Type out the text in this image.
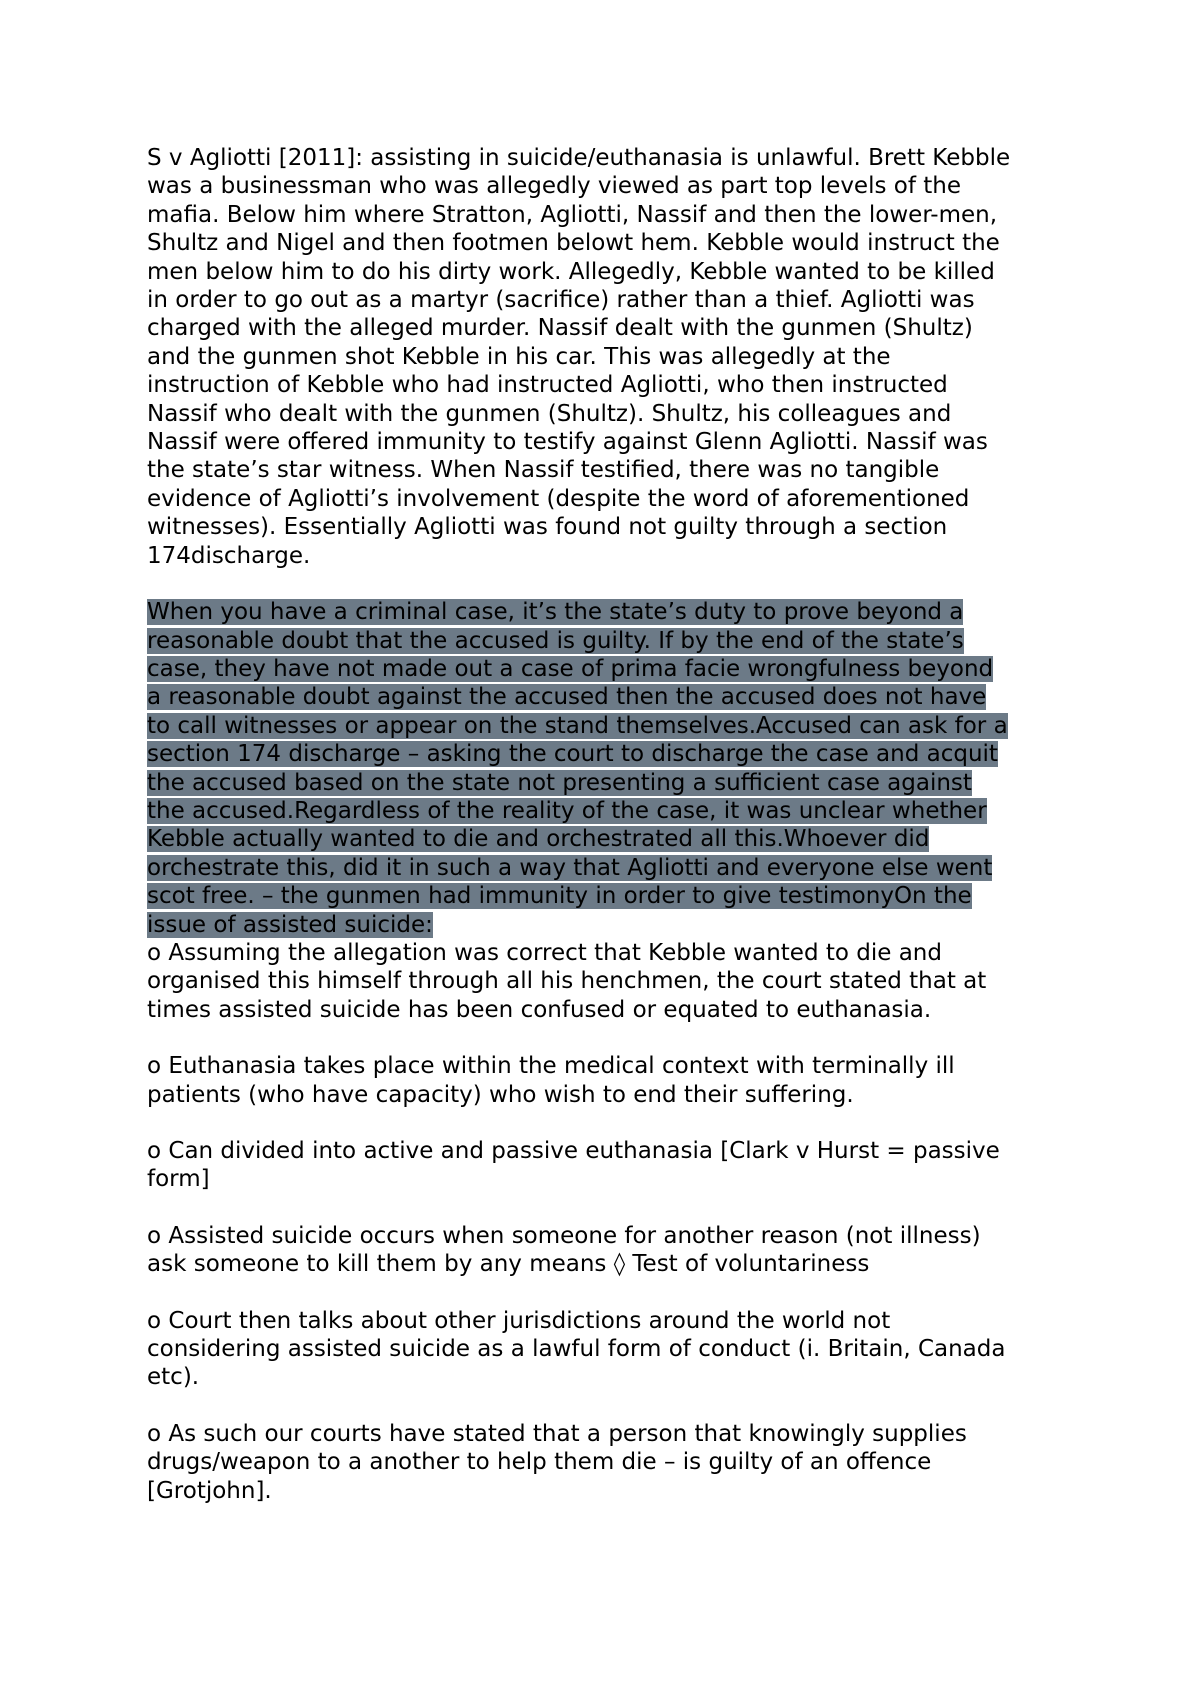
S v Agliotti [2011]: assisting in suicide/euthanasia is unlawful. Brett Kebble
was a businessman who was allegedly viewed as part top levels of the
mafia. Below him where Stratton, Agliotti, Nassif and then the lower-men,
Shultz and Nigel and then footmen belowt hem. Kebble would instruct the
men below him to do his dirty work. Allegedly, Kebble wanted to be killed
in order to go out as a martyr (sacrifice) rather than a thief. Agliotti was
charged with the alleged murder. Nassif dealt with the gunmen (Shultz)
and the gunmen shot Kebble in his car. This was allegedly at the
instruction of Kebble who had instructed Agliotti, who then instructed
Nassif who dealt with the gunmen (Shultz). Shultz, his colleagues and
Nassif were offered immunity to testify against Glenn Agliotti. Nassif was
the state’s star witness. When Nassif testified, there was no tangible
evidence of Agliotti’s involvement (despite the word of aforementioned
witnesses). Essentially Agliotti was found not guilty through a section
174discharge.

When you have a criminal case, it’s the state’s duty to prove beyond a
reasonable doubt that the accused is guilty. If by the end of the state’s
case, they have not made out a case of prima facie wrongfulness beyond
a reasonable doubt against the accused then the accused does not have
to call witnesses or appear on the stand themselves.Accused can ask for a
section 174 discharge – asking the court to discharge the case and acquit
the accused based on the state not presenting a sufficient case against
the accused.Regardless of the reality of the case, it was unclear whether
Kebble actually wanted to die and orchestrated all this.Whoever did
orchestrate this, did it in such a way that Agliotti and everyone else went
scot free. – the gunmen had immunity in order to give testimonyOn the
issue of assisted suicide:

o Assuming the allegation was correct that Kebble wanted to die and
organised this himself through all his henchmen, the court stated that at
times assisted suicide has been confused or equated to euthanasia.

o Euthanasia takes place within the medical context with terminally ill
patients (who have capacity) who wish to end their suffering.

o Can divided into active and passive euthanasia [Clark v Hurst = passive
form]

o Assisted suicide occurs when someone for another reason (not illness)
ask someone to kill them by any means ◊ Test of voluntariness

o Court then talks about other jurisdictions around the world not
considering assisted suicide as a lawful form of conduct (i. Britain, Canada
etc).

o As such our courts have stated that a person that knowingly supplies
drugs/weapon to a another to help them die – is guilty of an offence
[Grotjohn].
